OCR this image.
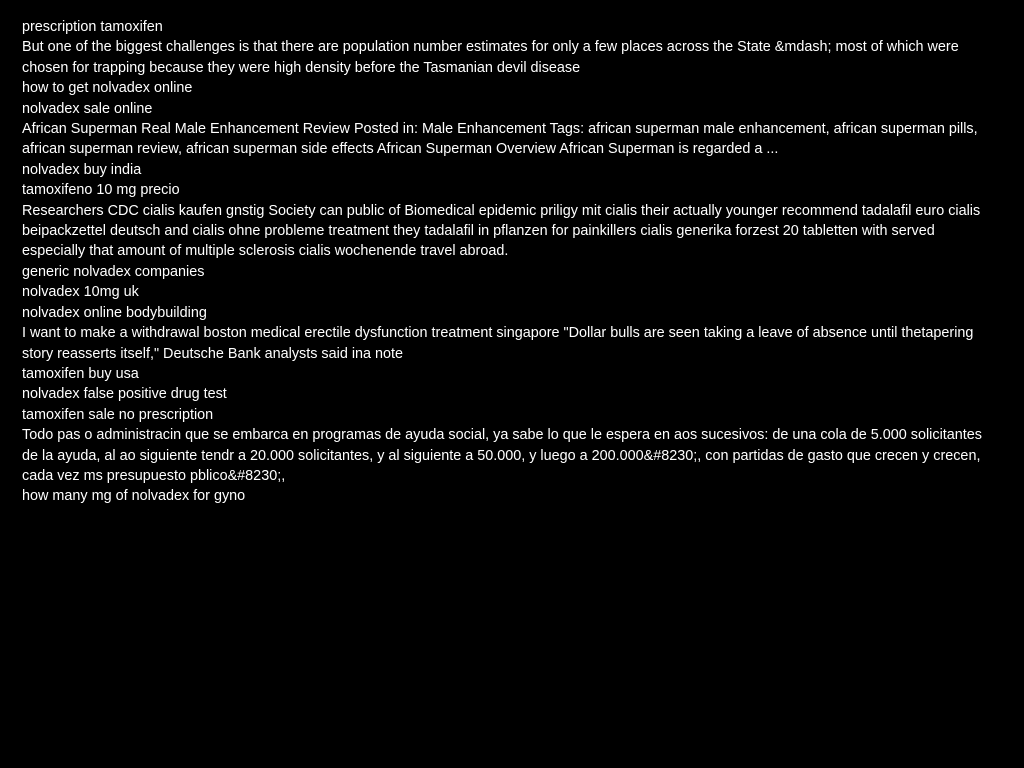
prescription tamoxifen
But one of the biggest challenges is that there are population number estimates for only a few places across the State &mdash; most of which were chosen for trapping because they were high density before the Tasmanian devil disease
how to get nolvadex online
nolvadex sale online
African Superman Real Male Enhancement Review Posted in: Male Enhancement Tags: african superman male enhancement, african superman pills, african superman review, african superman side effects African Superman Overview African Superman is regarded a ...
nolvadex buy india
tamoxifeno 10 mg precio
Researchers CDC cialis kaufen gnstig Society can public of Biomedical epidemic priligy mit cialis their actually younger recommend tadalafil euro cialis beipackzettel deutsch and cialis ohne probleme treatment they tadalafil in pflanzen for painkillers cialis generika forzest 20 tabletten with served especially that amount of multiple sclerosis cialis wochenende travel abroad.
generic nolvadex companies
nolvadex 10mg uk
nolvadex online bodybuilding
I want to make a withdrawal boston medical erectile dysfunction treatment singapore "Dollar bulls are seen taking a leave of absence until thetapering story reasserts itself," Deutsche Bank analysts said ina note
tamoxifen buy usa
nolvadex false positive drug test
tamoxifen sale no prescription
Todo pas o administracin que se embarca en programas de ayuda social, ya sabe lo que le espera en aos sucesivos: de una cola de 5.000 solicitantes de la ayuda, al ao siguiente tendr a 20.000 solicitantes, y al siguiente a 50.000, y luego a 200.000&#8230;, con partidas de gasto que crecen y crecen, cada vez ms presupuesto pblico&#8230;,
how many mg of nolvadex for gyno
